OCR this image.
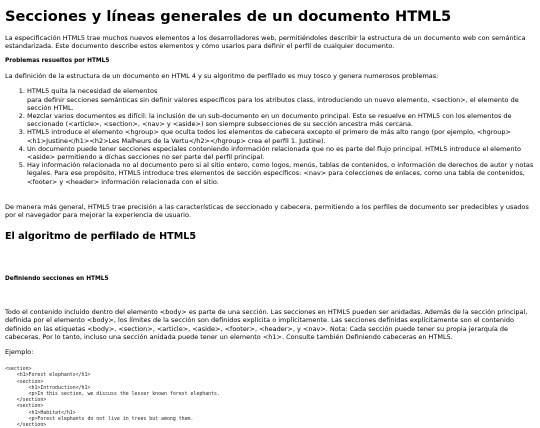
Secciones y líneas generales de un documento HTML5

La especificación HTML5 trae muchos nuevos elementos a los desarrolladores web, permitiéndoles describir la estructura de un documento web con semántica estandarizada. Este documento describe estos elementos y cómo usarlos para definir el perfil de cualquier documento.

Problemas resueltos por HTML5

La definición de la estructura de un documento en HTML 4 y su algoritmo de perfilado es muy tosco y genera numerosos problemas:

1. HTML5 quita la necesidad de elementos
para definir secciones semánticas sin definir valores específicos para los atributos class, introduciendo un nuevo elemento, <section>, el elemento de sección HTML.
2. Mezclar varios documentos es difícil: la inclusión de un sub-documento en un documento principal. Esto se resuelve en HTML5 con los elementos de seccionado (<article>, <section>, <nav> y <aside>) son siempre subsecciones de su sección ancestra más cercana.
3. HTML5 introduce el elemento <hgroup> que oculta todos los elementos de cabecera excepto el primero de más alto rango (por ejemplo, <hgroup> <h1>Justine</h1><h2>Les Malheurs de la Vertu</h2></hgroup> crea el perfil 1. Justine).
4. Un documento puede tener secciones especiales conteniendo información relacionada que no es parte del flujo principal. HTML5 introduce el elemento <aside> permitiendo a dichas secciones no ser parte del perfil principal.
5. Hay información relacionada no al documento pero si al sitio entero, como logos, menús, tablas de contenidos, o información de derechos de autor y notas legales. Para ese propósito, HTML5 introduce tres elementos de sección específicos: <nav> para colecciones de enlaces, como una tabla de contenidos, <footer> y <header> información relacionada con el sitio.

De manera más general, HTML5 trae precisión a las características de seccionado y cabecera, permitiendo a los perfiles de documento ser predecibles y usados por el navegador para mejorar la experiencia de usuario.

El algoritmo de perfilado de HTML5
Definiendo secciones en HTML5

Todo el contenido incluido dentro del elemento <body> es parte de una sección. Las secciones en HTML5 pueden ser anidadas. Además de la sección principal, definida por el elemento <body>, los límites de la sección son definidos explícita o implícitamente. Las secciones definidas explícitamente son el contenido definido en las etiquetas <body>, <section>, <article>, <aside>, <footer>, <header>, y <nav>. Nota: Cada sección puede tener su propia jerarquía de cabeceras. Por lo tanto, incluso una sección anidada puede tener un elemento <h1>. Consulte también Definiendo cabeceras en HTML5.

Ejemplo:

<section>
<h1>Forest elephants</h1>
<section>
<h1>Introduction</h1>
<p>In this section, we discuss the lesser known forest elephants.
</section>
<section>
<h1>Habitat</h1>
<p>Forest elephants do not live in trees but among them.
</section>
